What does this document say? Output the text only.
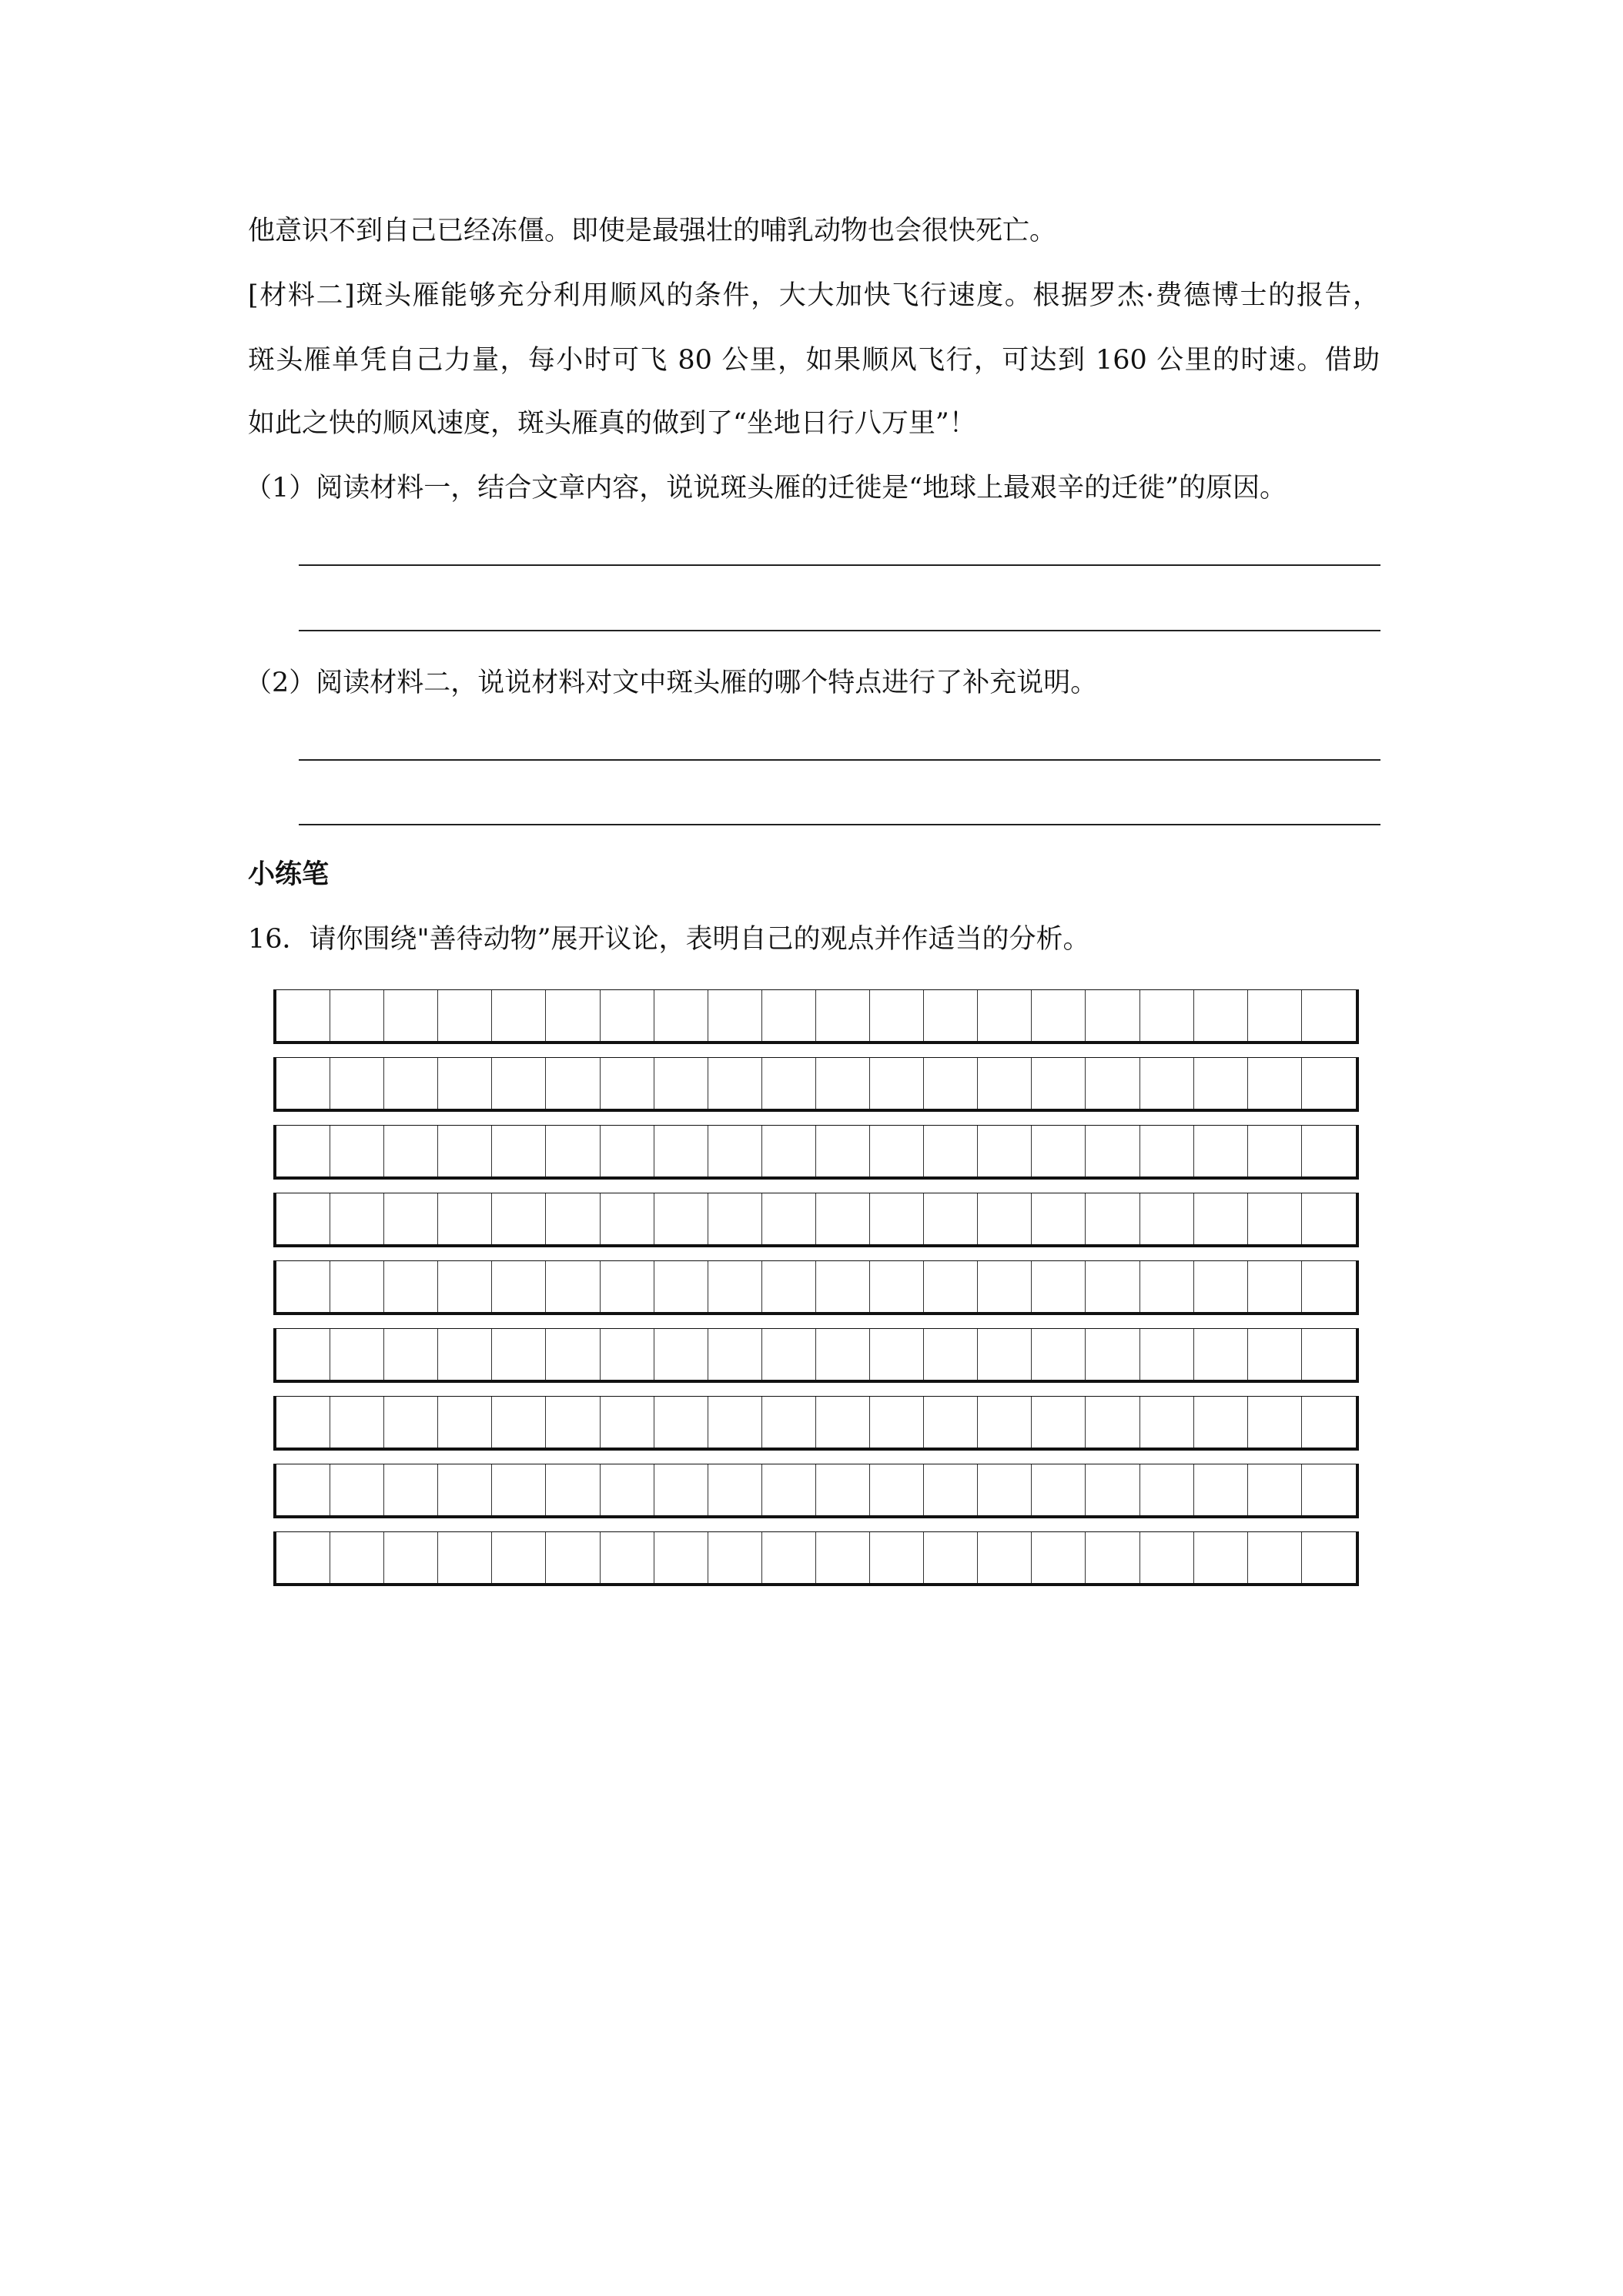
他意识不到自己已经冻僵。即使是最强壮的哺乳动物也会很快死亡。
[材料二]斑头雁能够充分利用顺风的条件，大大加快飞行速度。根据罗杰·费德博士的报告，
斑头雁单凭自己力量，每小时可飞 80 公里，如果顺风飞行，可达到 160 公里的时速。借助
如此之快的顺风速度，斑头雁真的做到了“坐地日行八万里”！
（1）阅读材料一，结合文章内容，说说斑头雁的迁徙是“地球上最艰辛的迁徙”的原因。
（2）阅读材料二，说说材料对文中斑头雁的哪个特点进行了补充说明。
小练笔
16．请你围绕"善待动物”展开议论，表明自己的观点并作适当的分析。
